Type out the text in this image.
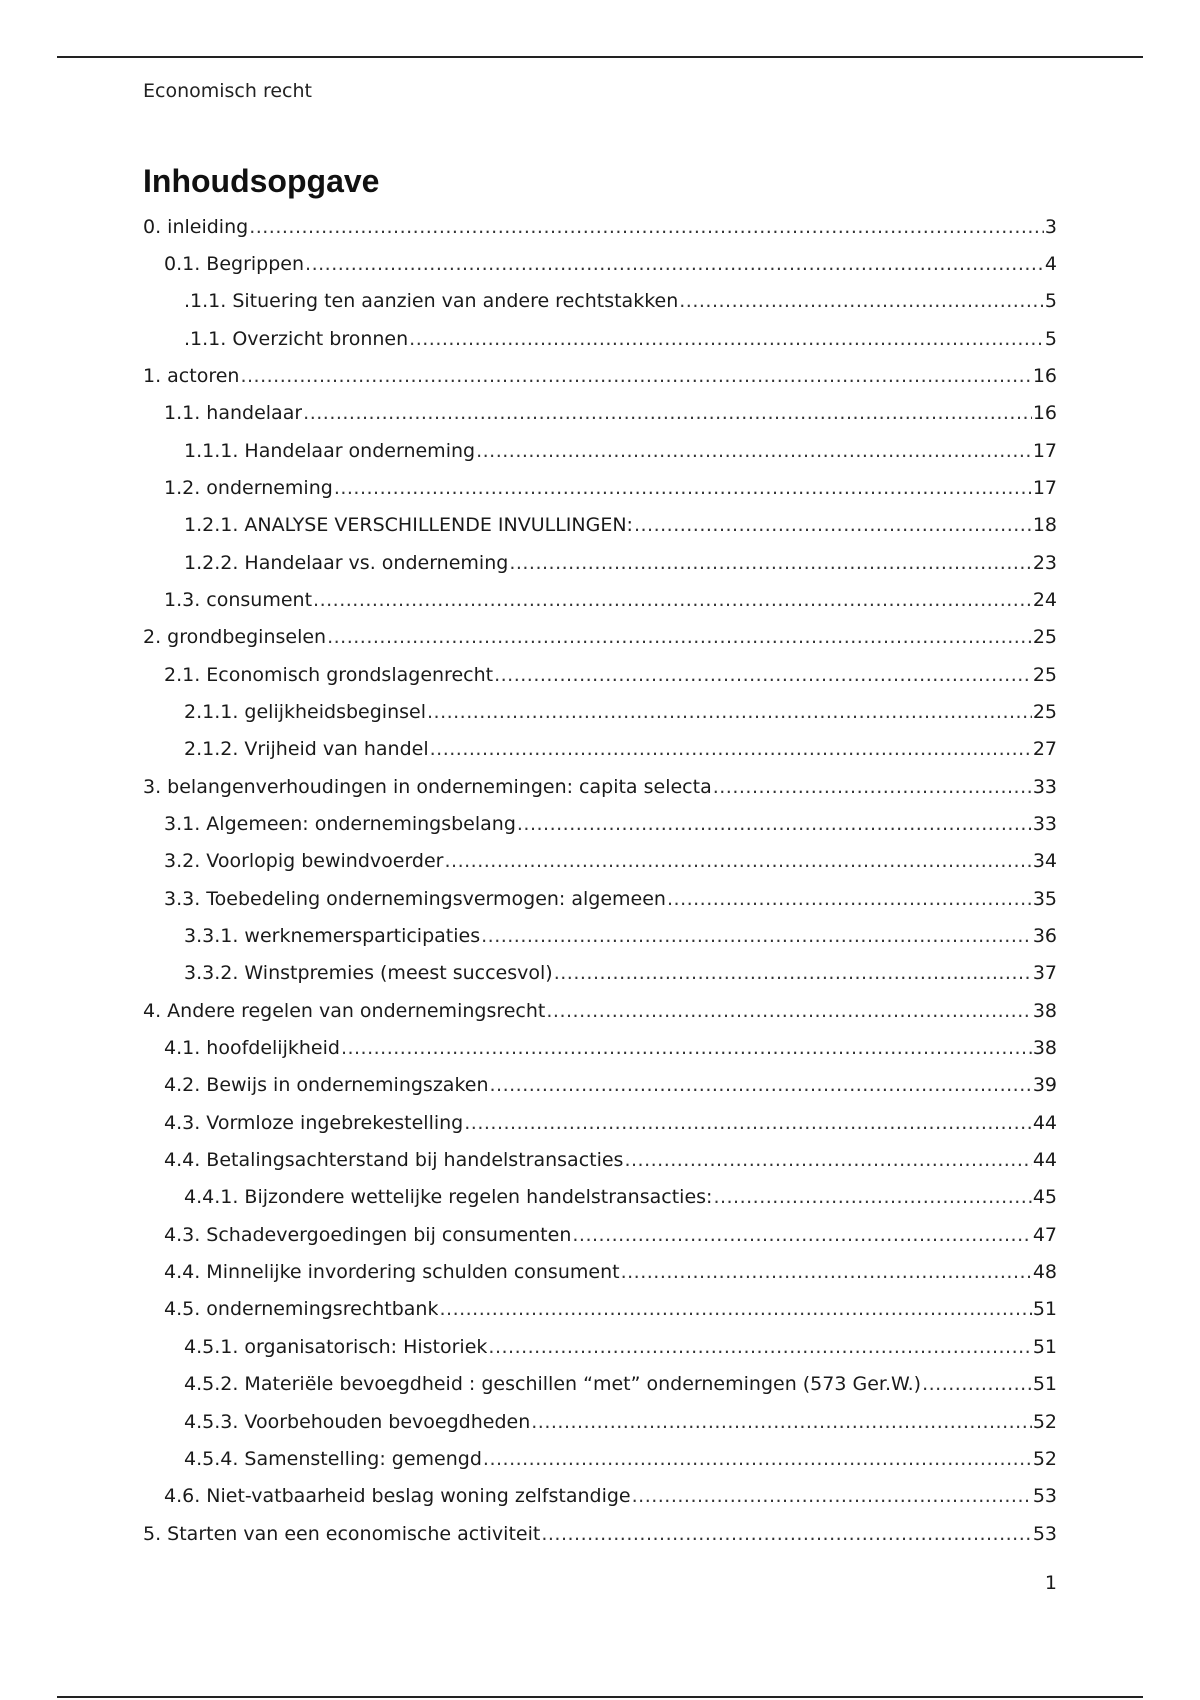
Economisch recht
Inhoudsopgave
0. inleiding .....	3
0.1. Begrippen .....	4
.1.1. Situering ten aanzien van andere rechtstakken .....	5
.1.1. Overzicht bronnen .....	5
1. actoren .....	16
1.1. handelaar .....	16
1.1.1. Handelaar onderneming .....	17
1.2. onderneming .....	17
1.2.1. ANALYSE VERSCHILLENDE INVULLINGEN: .....	18
1.2.2. Handelaar vs. onderneming .....	23
1.3. consument .....	24
2. grondbeginselen .....	25
2.1. Economisch grondslagenrecht .....	25
2.1.1. gelijkheidsbeginsel .....	25
2.1.2. Vrijheid van handel .....	27
3. belangenverhoudingen in ondernemingen: capita selecta .....	33
3.1. Algemeen: ondernemingsbelang .....	33
3.2. Voorlopig bewindvoerder .....	34
3.3. Toebedeling ondernemingsvermogen: algemeen .....	35
3.3.1. werknemersparticipaties .....	36
3.3.2. Winstpremies (meest succesvol) .....	37
4. Andere regelen van ondernemingsrecht .....	38
4.1. hoofdelijkheid .....	38
4.2. Bewijs in ondernemingszaken .....	39
4.3. Vormloze ingebrekestelling .....	44
4.4. Betalingsachterstand bij handelstransacties .....	44
4.4.1. Bijzondere wettelijke regelen handelstransacties: .....	45
4.3. Schadevergoedingen bij consumenten .....	47
4.4. Minnelijke invordering schulden consument .....	48
4.5. ondernemingsrechtbank .....	51
4.5.1. organisatorisch: Historiek .....	51
4.5.2. Materiële bevoegdheid : geschillen “met” ondernemingen (573 Ger.W.) .....	51
4.5.3. Voorbehouden bevoegdheden .....	52
4.5.4. Samenstelling: gemengd .....	52
4.6. Niet-vatbaarheid beslag woning zelfstandige .....	53
5. Starten van een economische activiteit .....	53
1
